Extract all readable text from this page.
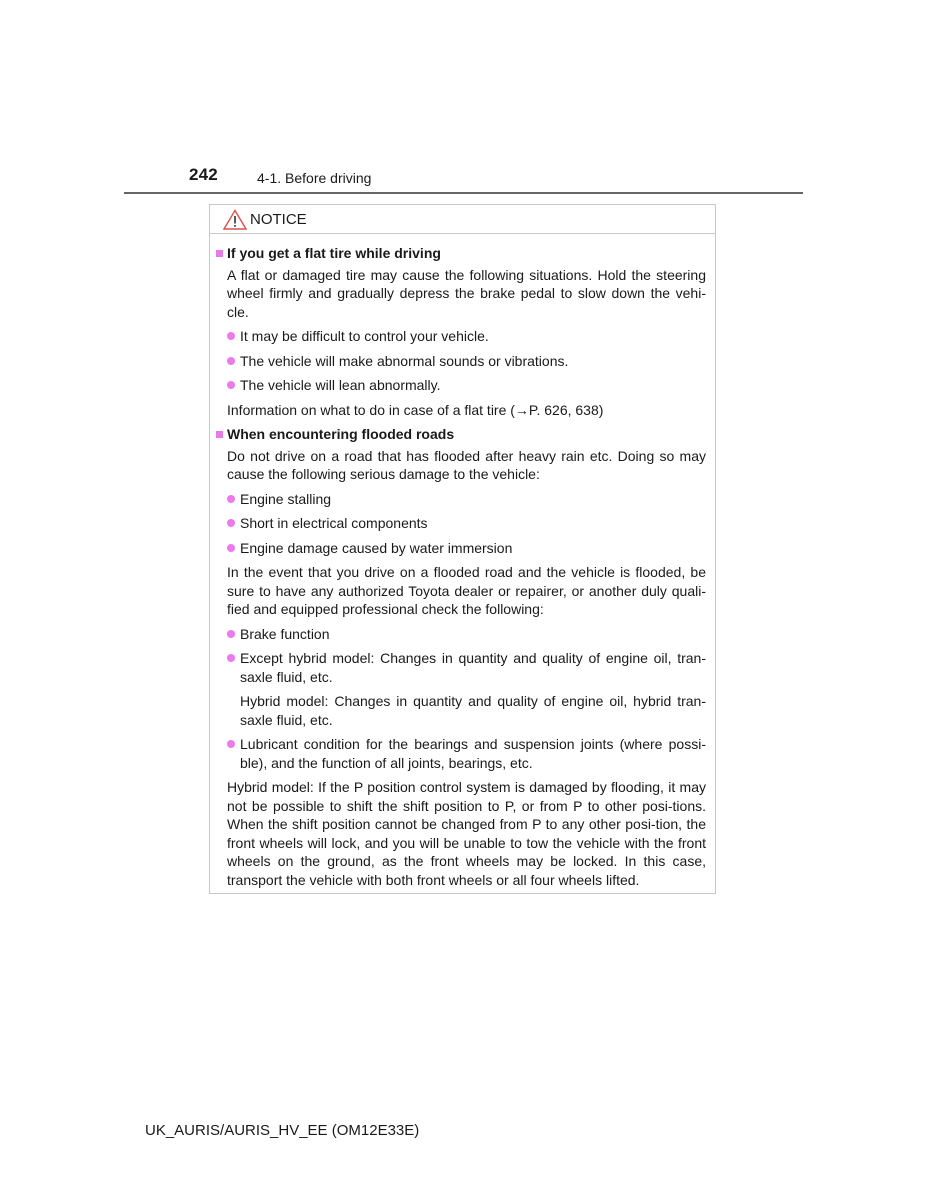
242	4-1. Before driving
NOTICE
If you get a flat tire while driving
A flat or damaged tire may cause the following situations. Hold the steering wheel firmly and gradually depress the brake pedal to slow down the vehi-cle.
It may be difficult to control your vehicle.
The vehicle will make abnormal sounds or vibrations.
The vehicle will lean abnormally.
Information on what to do in case of a flat tire (→P. 626, 638)
When encountering flooded roads
Do not drive on a road that has flooded after heavy rain etc. Doing so may cause the following serious damage to the vehicle:
Engine stalling
Short in electrical components
Engine damage caused by water immersion
In the event that you drive on a flooded road and the vehicle is flooded, be sure to have any authorized Toyota dealer or repairer, or another duly quali-fied and equipped professional check the following:
Brake function
Except hybrid model: Changes in quantity and quality of engine oil, tran-saxle fluid, etc.
Hybrid model: Changes in quantity and quality of engine oil, hybrid tran-saxle fluid, etc.
Lubricant condition for the bearings and suspension joints (where possi-ble), and the function of all joints, bearings, etc.
Hybrid model: If the P position control system is damaged by flooding, it may not be possible to shift the shift position to P, or from P to other posi-tions. When the shift position cannot be changed from P to any other posi-tion, the front wheels will lock, and you will be unable to tow the vehicle with the front wheels on the ground, as the front wheels may be locked. In this case, transport the vehicle with both front wheels or all four wheels lifted.
UK_AURIS/AURIS_HV_EE (OM12E33E)
